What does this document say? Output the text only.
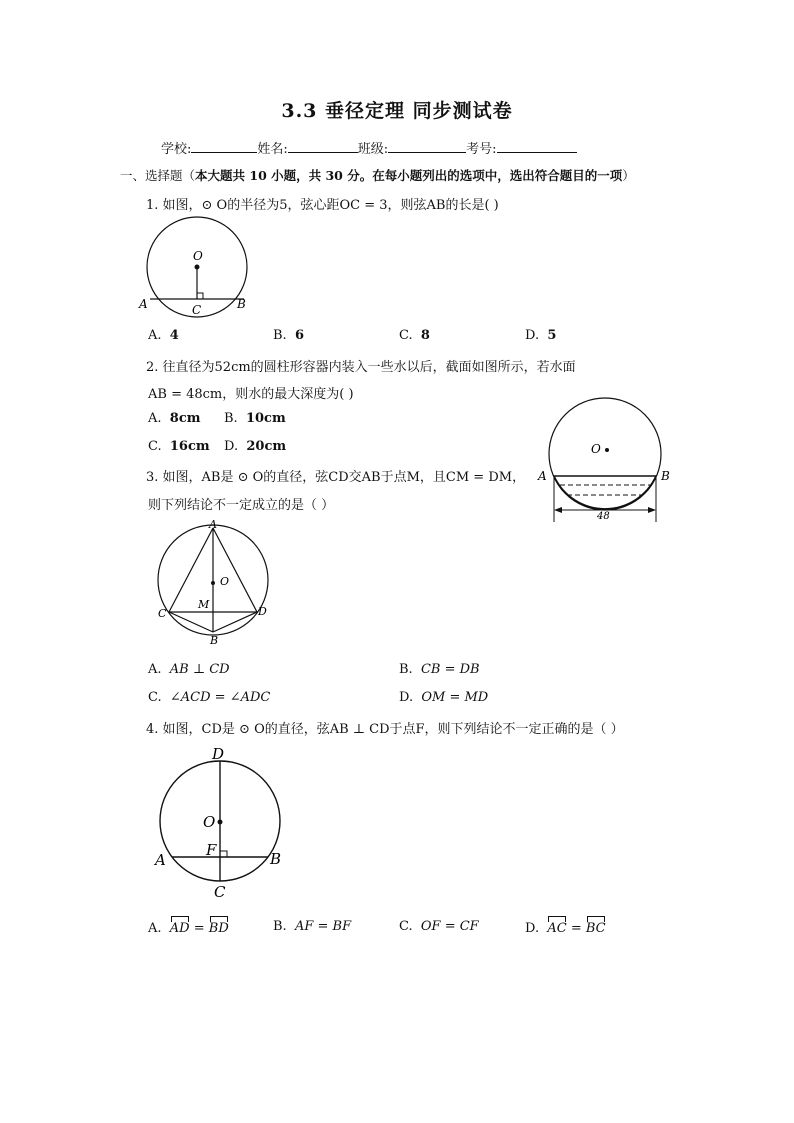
3.3 垂径定理 同步测试卷
学校:	姓名:	班级:	考号:
一、选择题（本大题共 10 小题，共 30 分。在每小题列出的选项中，选出符合题目的一项）
1. 如图，⊙ O的半径为5，弦心距OC = 3，则弦AB的长是( )
O
A	B
C
A. 4	B. 6	C. 8	D. 5
2. 往直径为52cm的圆柱形容器内装入一些水以后，截面如图所示，若水面
AB = 48cm，则水的最大深度为( )
A. 8cm B. 10cm
C. 16cm D. 20cm	O
A	B
48
3. 如图，AB是 ⊙ O的直径，弦CD交AB于点M，且CM = DM，
则下列结论不一定成立的是（ ）
A
O
M
C	D
B
A. AB ⊥ CD	B. CB = DB
C. ∠ACD = ∠ADC	D. OM = MD
4. 如图，CD是 ⊙ O的直径，弦AB ⊥ CD于点F，则下列结论不一定正确的是（ ）
D
O
F
A	B
C
A. AD = BD	B. AF = BF	C. OF = CF	D. AC = BC
